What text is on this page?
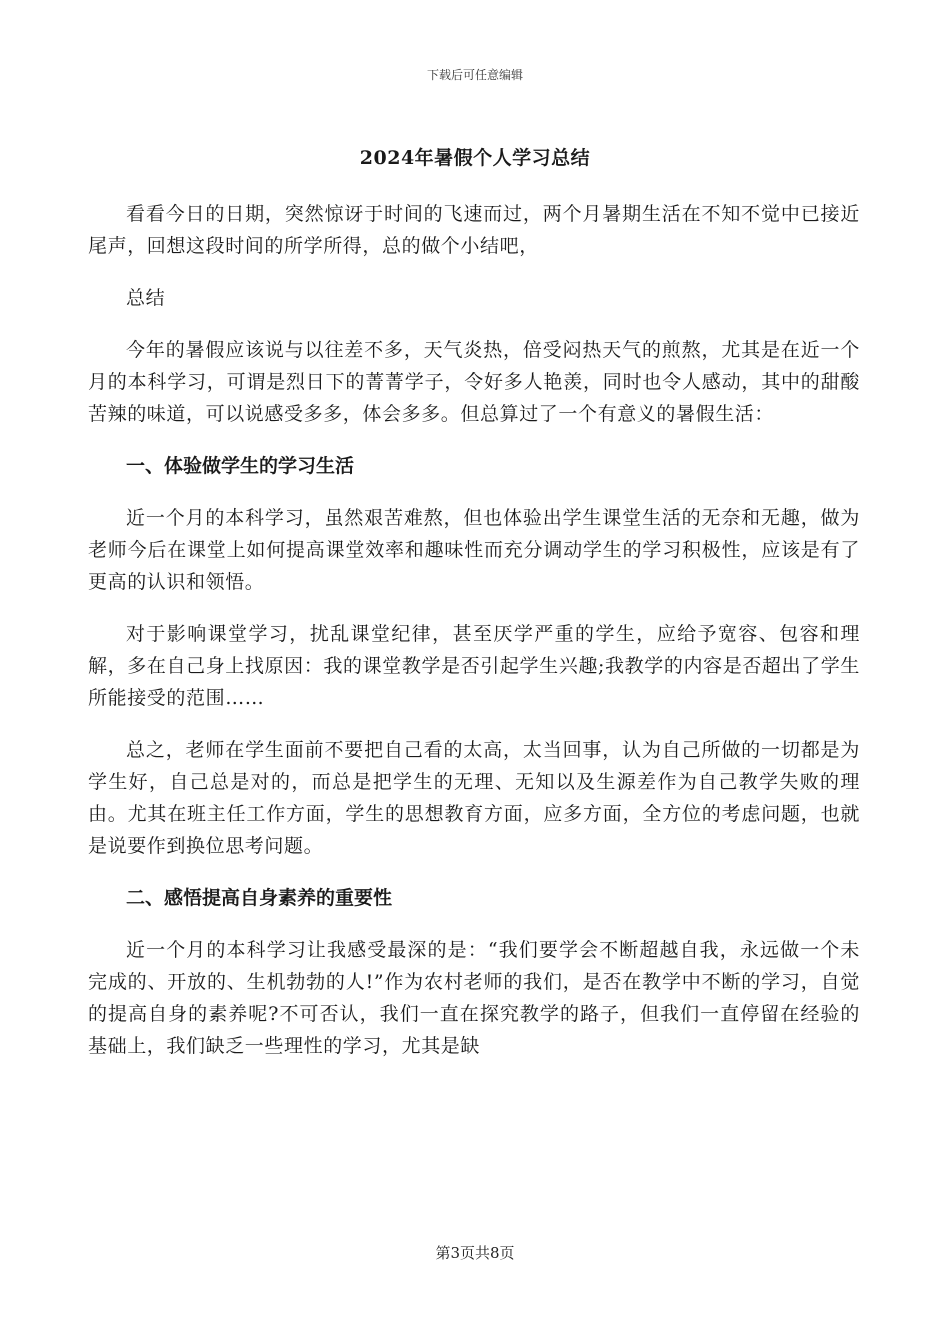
下载后可任意编辑
2024年暑假个人学习总结

看看今日的日期，突然惊讶于时间的飞速而过，两个月暑期生活在不知不觉中已接近尾声，回想这段时间的所学所得，总的做个小结吧，

总结

今年的暑假应该说与以往差不多，天气炎热，倍受闷热天气的煎熬，尤其是在近一个月的本科学习，可谓是烈日下的菁菁学子，令好多人艳羡，同时也令人感动，其中的甜酸苦辣的味道，可以说感受多多，体会多多。但总算过了一个有意义的暑假生活：

一、体验做学生的学习生活

近一个月的本科学习，虽然艰苦难熬，但也体验出学生课堂生活的无奈和无趣，做为老师今后在课堂上如何提高课堂效率和趣味性而充分调动学生的学习积极性，应该是有了更高的认识和领悟。

对于影响课堂学习，扰乱课堂纪律，甚至厌学严重的学生，应给予宽容、包容和理解，多在自己身上找原因：我的课堂教学是否引起学生兴趣;我教学的内容是否超出了学生所能接受的范围……

总之，老师在学生面前不要把自己看的太高，太当回事，认为自己所做的一切都是为学生好，自己总是对的，而总是把学生的无理、无知以及生源差作为自己教学失败的理由。尤其在班主任工作方面，学生的思想教育方面，应多方面，全方位的考虑问题，也就是说要作到换位思考问题。

二、感悟提高自身素养的重要性

近一个月的本科学习让我感受最深的是：“我们要学会不断超越自我，永远做一个未完成的、开放的、生机勃勃的人!”作为农村老师的我们，是否在教学中不断的学习，自觉的提高自身的素养呢?不可否认，我们一直在探究教学的路子，但我们一直停留在经验的基础上，我们缺乏一些理性的学习，尤其是缺

第3页共8页
